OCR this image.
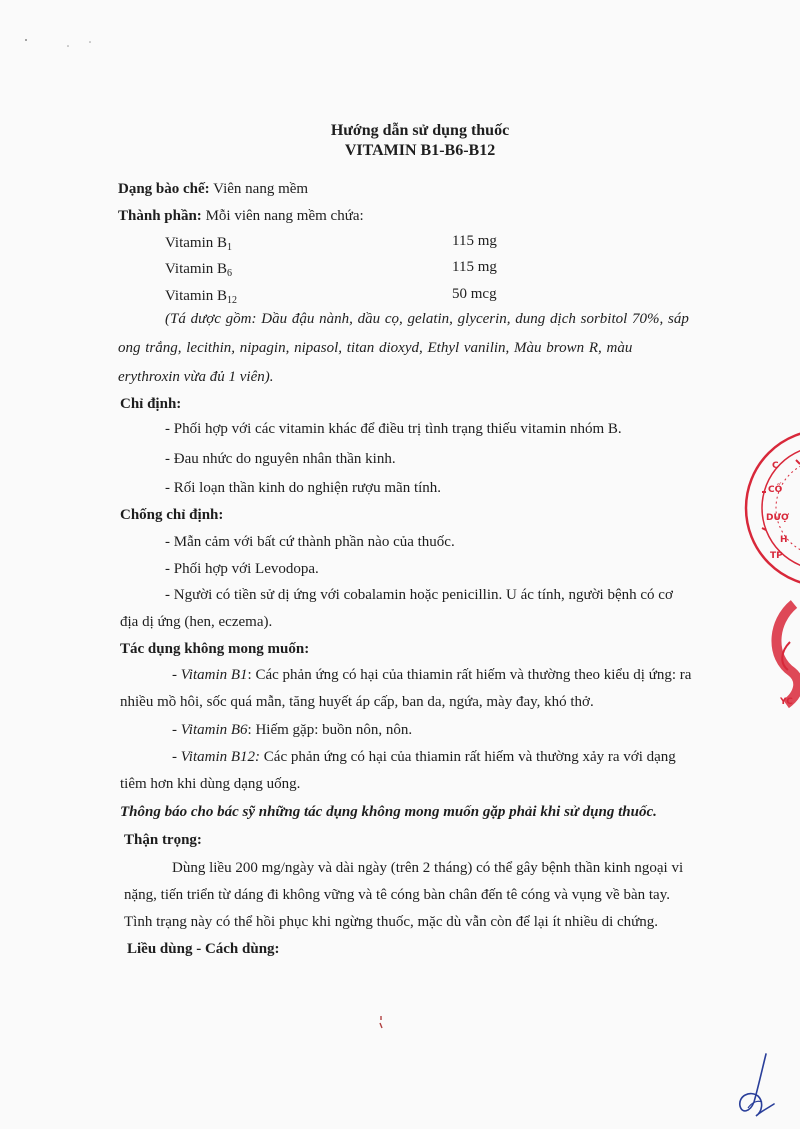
Hướng dẫn sử dụng thuốc
VITAMIN B1-B6-B12
Dạng bào chế: Viên nang mềm
Thành phần: Mỗi viên nang mềm chứa:
Vitamin $B_1$	115 mg
Vitamin $B_6$	115 mg
Vitamin $B_{12}$	50 mcg
(Tá dược gồm: Dầu đậu nành, dầu cọ, gelatin, glycerin, dung dịch sorbitol 70%, sáp
ong trắng, lecithin, nipagin, nipasol, titan dioxyd, Ethyl vanilin, Màu brown R, màu
erythroxin vừa đủ 1 viên).
Chỉ định:
- Phối hợp với các vitamin khác để điều trị tình trạng thiếu vitamin nhóm B.
- Đau nhức do nguyên nhân thần kinh.
- Rối loạn thần kinh do nghiện rượu mãn tính.
Chống chỉ định:
- Mẫn cảm với bất cứ thành phần nào của thuốc.
- Phối hợp với Levodopa.
- Người có tiền sử dị ứng với cobalamin hoặc penicillin. U ác tính, người bệnh có cơ
địa dị ứng (hen, eczema).
Tác dụng không mong muốn:
- Vitamin B1: Các phản ứng có hại của thiamin rất hiếm và thường theo kiểu dị ứng: ra
nhiều mồ hôi, sốc quá mẫn, tăng huyết áp cấp, ban da, ngứa, mày đay, khó thở.
- Vitamin B6: Hiếm gặp: buồn nôn, nôn.
- Vitamin B12: Các phản ứng có hại của thiamin rất hiếm và thường xảy ra với dạng
tiêm hơn khi dùng dạng uống.
Thông báo cho bác sỹ những tác dụng không mong muốn gặp phải khi sử dụng thuốc.
Thận trọng:
Dùng liều 200 mg/ngày và dài ngày (trên 2 tháng) có thể gây bệnh thần kinh ngoại vi
nặng, tiến triển từ dáng đi không vững và tê cóng bàn chân đến tê cóng và vụng về bàn tay.
Tình trạng này có thể hồi phục khi ngừng thuốc, mặc dù vẫn còn để lại ít nhiều di chứng.
Liều dùng - Cách dùng:
C
CỐ
DƯỢ
H
TP
YC
